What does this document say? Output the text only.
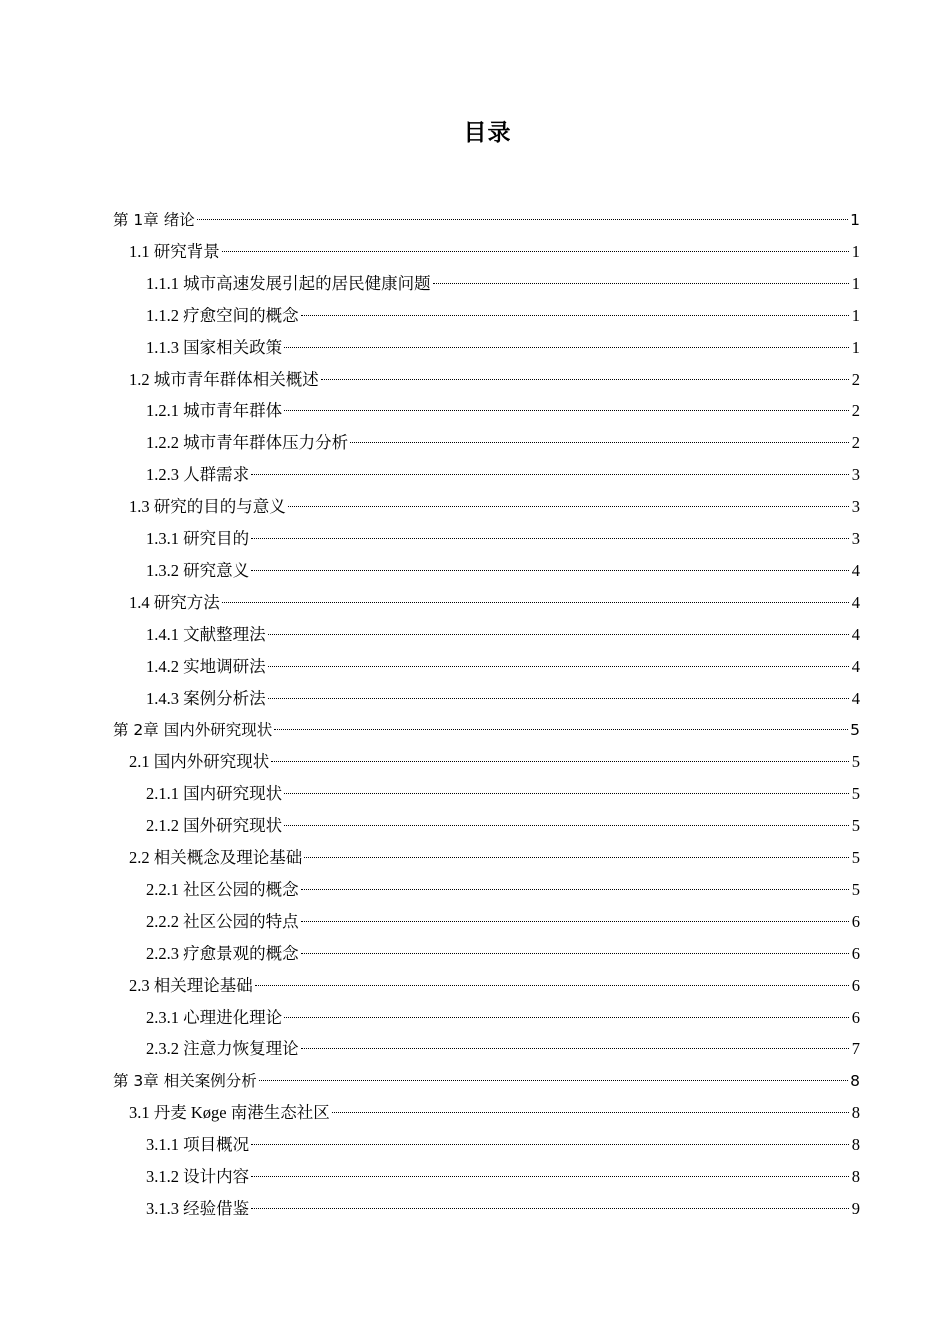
目录
第 1章 绪论	1
1.1 研究背景	1
1.1.1 城市高速发展引起的居民健康问题	1
1.1.2 疗愈空间的概念	1
1.1.3 国家相关政策	1
1.2 城市青年群体相关概述	2
1.2.1 城市青年群体	2
1.2.2 城市青年群体压力分析	2
1.2.3 人群需求	3
1.3 研究的目的与意义	3
1.3.1 研究目的	3
1.3.2 研究意义	4
1.4 研究方法	4
1.4.1 文献整理法	4
1.4.2 实地调研法	4
1.4.3 案例分析法	4
第 2章 国内外研究现状	5
2.1 国内外研究现状	5
2.1.1 国内研究现状	5
2.1.2 国外研究现状	5
2.2 相关概念及理论基础	5
2.2.1 社区公园的概念	5
2.2.2 社区公园的特点	6
2.2.3 疗愈景观的概念	6
2.3 相关理论基础	6
2.3.1 心理进化理论	6
2.3.2 注意力恢复理论	7
第 3章 相关案例分析	8
3.1 丹麦 Køge 南港生态社区	8
3.1.1 项目概况	8
3.1.2 设计内容	8
3.1.3 经验借鉴	9
